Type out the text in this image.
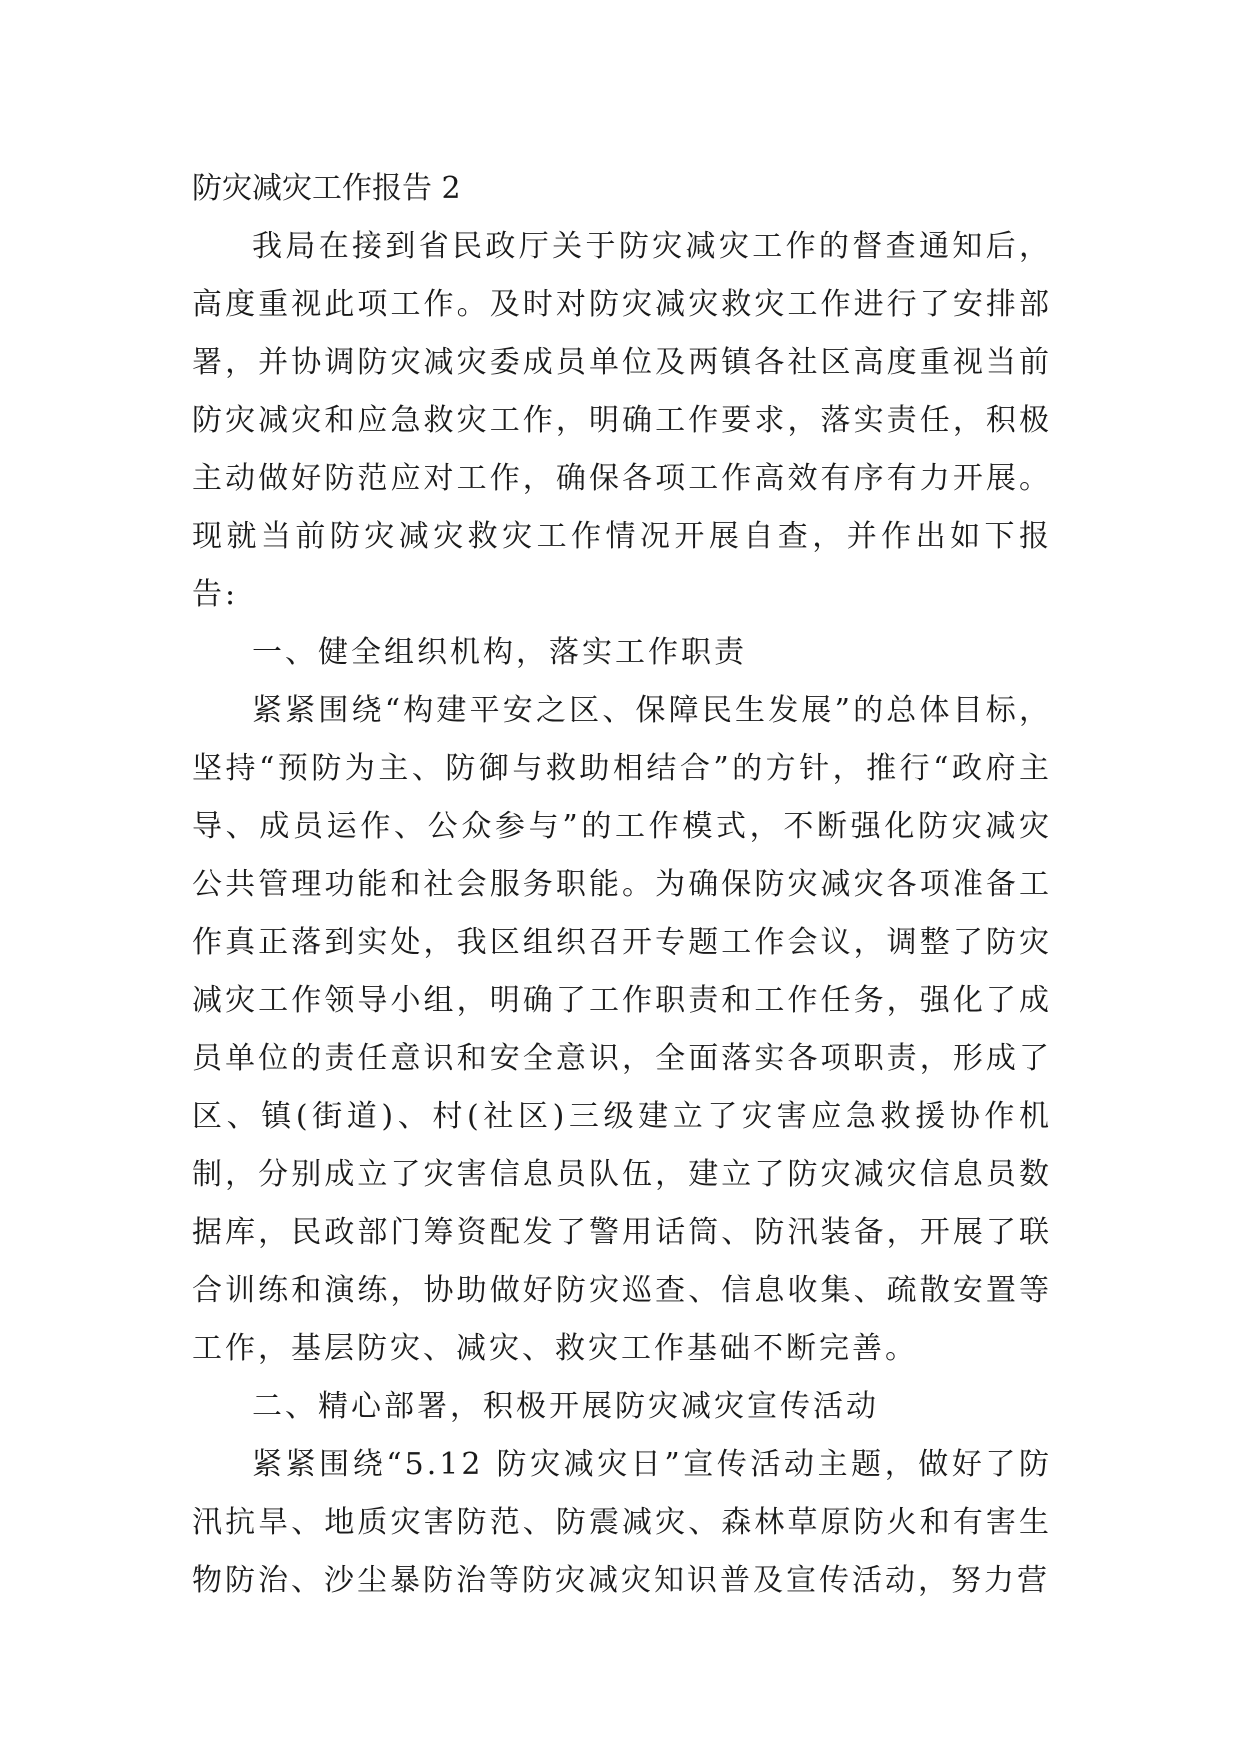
防灾减灾工作报告 2

我局在接到省民政厅关于防灾减灾工作的督查通知后，高度重视此项工作。及时对防灾减灾救灾工作进行了安排部署，并协调防灾减灾委成员单位及两镇各社区高度重视当前防灾减灾和应急救灾工作，明确工作要求，落实责任，积极主动做好防范应对工作，确保各项工作高效有序有力开展。现就当前防灾减灾救灾工作情况开展自查，并作出如下报告:

一、健全组织机构，落实工作职责

紧紧围绕“构建平安之区、保障民生发展”的总体目标，坚持“预防为主、防御与救助相结合”的方针，推行“政府主导、成员运作、公众参与”的工作模式，不断强化防灾减灾公共管理功能和社会服务职能。为确保防灾减灾各项准备工作真正落到实处，我区组织召开专题工作会议，调整了防灾减灾工作领导小组，明确了工作职责和工作任务，强化了成员单位的责任意识和安全意识，全面落实各项职责，形成了区、镇(街道)、村(社区)三级建立了灾害应急救援协作机制，分别成立了灾害信息员队伍，建立了防灾减灾信息员数据库，民政部门筹资配发了警用话筒、防汛装备，开展了联合训练和演练，协助做好防灾巡查、信息收集、疏散安置等工作，基层防灾、减灾、救灾工作基础不断完善。

二、精心部署，积极开展防灾减灾宣传活动

紧紧围绕“5.12 防灾减灾日”宣传活动主题，做好了防汛抗旱、地质灾害防范、防震减灾、森林草原防火和有害生物防治、沙尘暴防治等防灾减灾知识普及宣传活动，努力营
